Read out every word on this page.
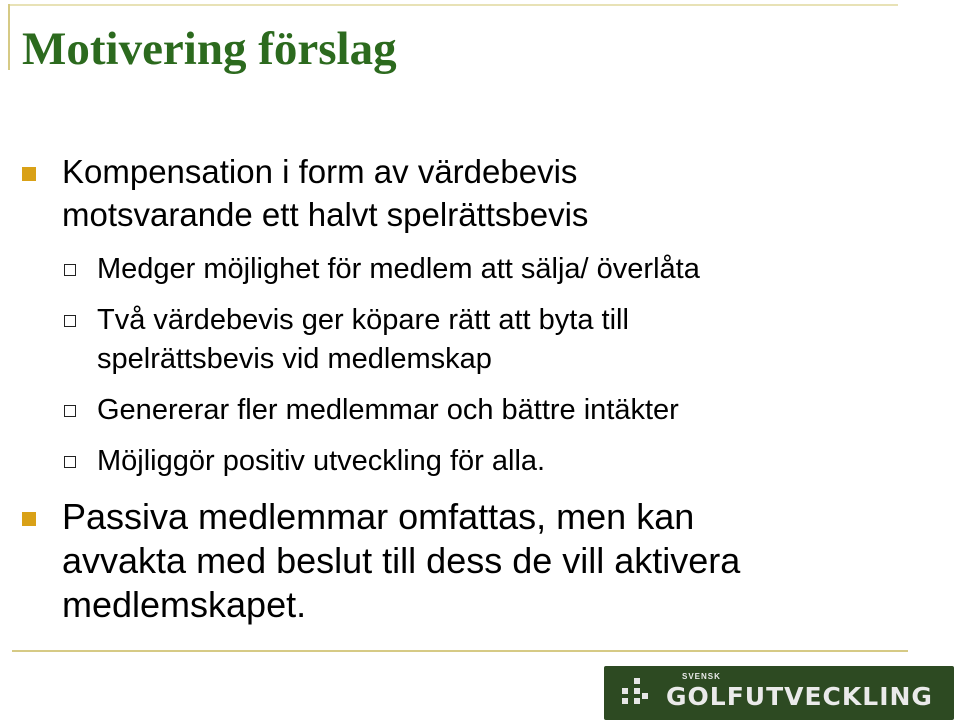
Motivering förslag
Kompensation i form av värdebevis
motsvarande ett halvt spelrättsbevis
Medger möjlighet för medlem att sälja/ överlåta
Två värdebevis ger köpare rätt att byta till
spelrättsbevis vid medlemskap
Genererar fler medlemmar och bättre intäkter
Möjliggör positiv utveckling för alla.
Passiva medlemmar omfattas, men kan
avvakta med beslut till dess de vill aktivera
medlemskapet.
SVENSK
GOLFUTVECKLING
